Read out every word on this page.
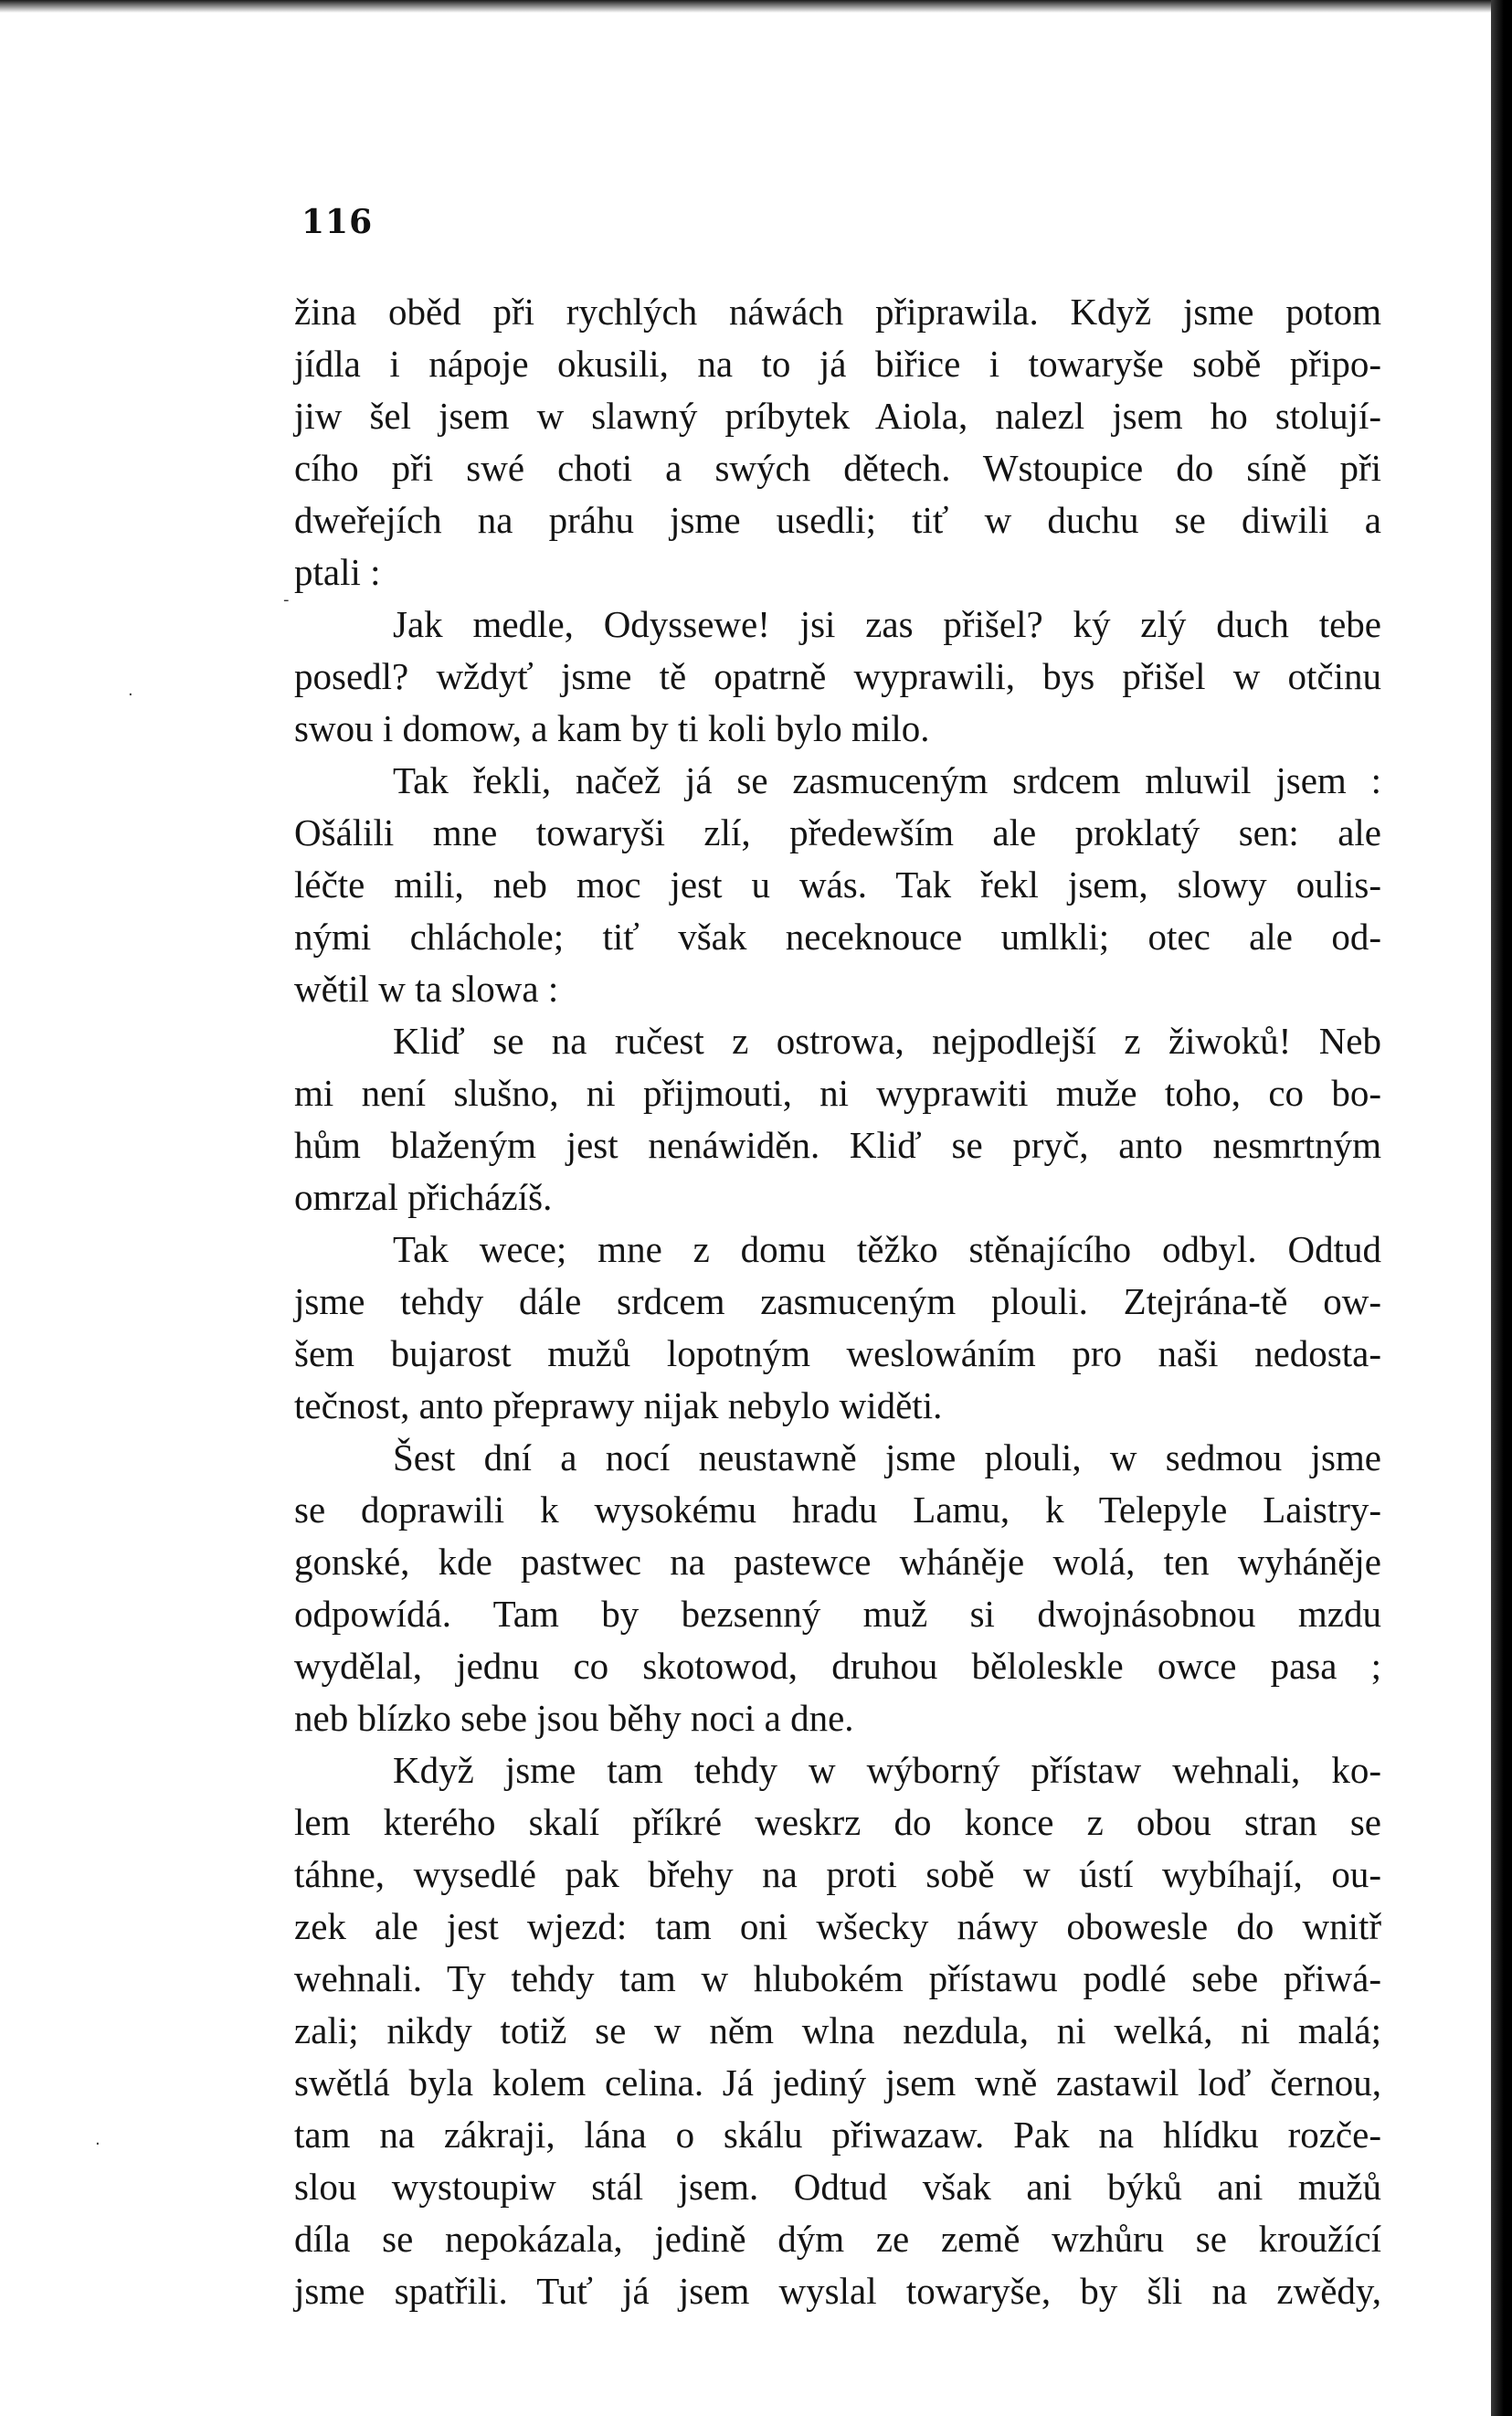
116
žina oběd při rychlých náwách připrawila. Když jsme potom
jídla i nápoje okusili, na to já biřice i towaryše sobě připo-
jiw šel jsem w slawný príbytek Aiola, nalezl jsem ho stolují-
cího při swé choti a swých dětech. Wstoupice do síně při
dweřejích na práhu jsme usedli; tiť w duchu se diwili a
ptali :
Jak medle, Odyssewe! jsi zas přišel? ký zlý duch tebe
posedl? wždyť jsme tě opatrně wyprawili, bys přišel w otčinu
swou i domow, a kam by ti koli bylo milo.
Tak řekli, načež já se zasmuceným srdcem mluwil jsem :
Ošálili mne towaryši zlí, předewším ale proklatý sen: ale
léčte mili, neb moc jest u wás. Tak řekl jsem, slowy oulis-
nými chláchole; tiť však neceknouce umlkli; otec ale od-
wětil w ta slowa :
Kliď se na ručest z ostrowa, nejpodlejší z žiwoků! Neb
mi není slušno, ni přijmouti, ni wyprawiti muže toho, co bo-
hům blaženým jest nenáwiděn. Kliď se pryč, anto nesmrtným
omrzal přicházíš.
Tak wece; mne z domu těžko stěnajícího odbyl. Odtud
jsme tehdy dále srdcem zasmuceným plouli. Ztejrána-tě ow-
šem bujarost mužů lopotným weslowáním pro naši nedosta-
tečnost, anto přeprawy nijak nebylo widěti.
Šest dní a nocí neustawně jsme plouli, w sedmou jsme
se doprawili k wysokému hradu Lamu, k Telepyle Laistry-
gonské, kde pastwec na pastewce wháněje wolá, ten wyháněje
odpowídá. Tam by bezsenný muž si dwojnásobnou mzdu
wydělal, jednu co skotowod, druhou běloleskle owce pasa ;
neb blízko sebe jsou běhy noci a dne.
Když jsme tam tehdy w wýborný přístaw wehnali, ko-
lem kterého skalí příkré weskrz do konce z obou stran se
táhne, wysedlé pak břehy na proti sobě w ústí wybíhají, ou-
zek ale jest wjezd: tam oni wšecky náwy obowesle do wnitř
wehnali. Ty tehdy tam w hlubokém přístawu podlé sebe přiwá-
zali; nikdy totiž se w něm wlna nezdula, ni welká, ni malá;
swětlá byla kolem celina. Já jediný jsem wně zastawil loď černou,
tam na zákraji, lána o skálu přiwazaw. Pak na hlídku rozče-
slou wystoupiw stál jsem. Odtud však ani býků ani mužů
díla se nepokázala, jedině dým ze země wzhůru se kroužící
jsme spatřili. Tuť já jsem wyslal towaryše, by šli na zwědy,
-
·
·
